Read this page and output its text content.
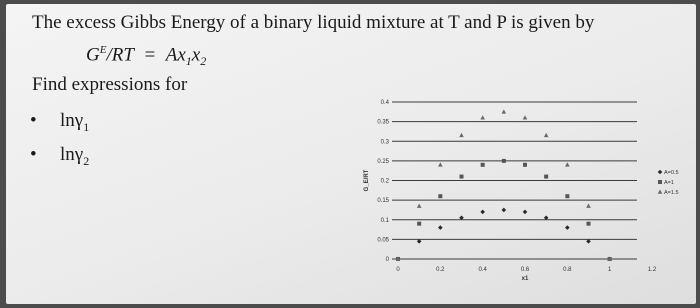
The excess Gibbs Energy of a binary liquid mixture at T and P is given by
$G^E/RT = Ax_1x_2$
Find expressions for
• lnγ$_1$
• lnγ$_2$
0
0.05
0.1
0.15
0.2
0.25
0.3
0.35
0.4
0	0.2	0.4	0.6	0.8	1	1.2
x1
G_E/RT	A=0.5
A=1
A=1.5
